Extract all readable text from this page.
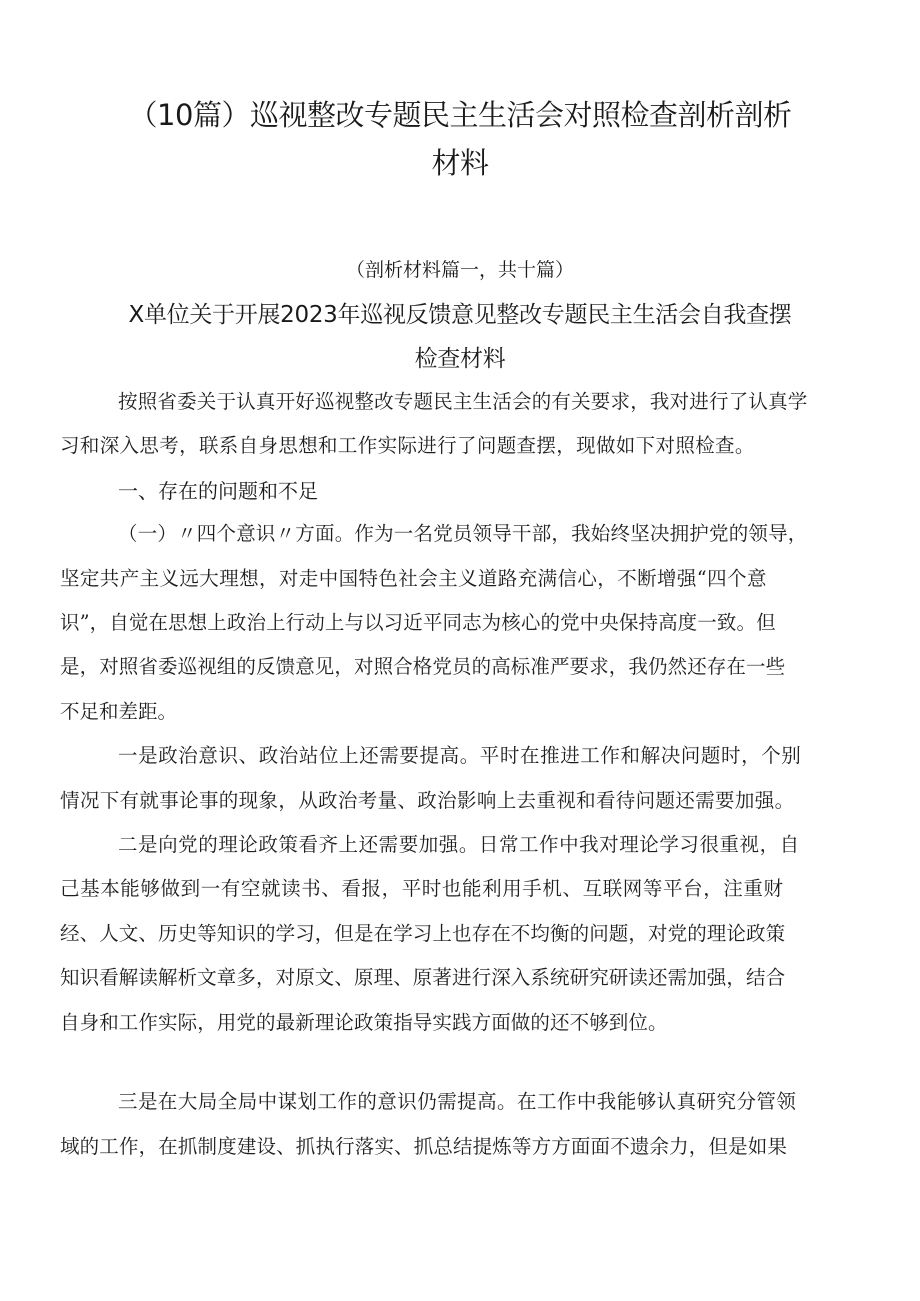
（10篇）巡视整改专题民主生活会对照检查剖析剖析
材料
（剖析材料篇一，共十篇）
X单位关于开展2023年巡视反馈意见整改专题民主生活会自我查摆
检查材料
按照省委关于认真开好巡视整改专题民主生活会的有关要求，我对进行了认真学
习和深入思考，联系自身思想和工作实际进行了问题查摆，现做如下对照检查。
一、存在的问题和不足
（一）〃四个意识〃方面。作为一名党员领导干部，我始终坚决拥护党的领导，
坚定共产主义远大理想，对走中国特色社会主义道路充满信心，不断增强“四个意
识”，自觉在思想上政治上行动上与以习近平同志为核心的党中央保持高度一致。但
是，对照省委巡视组的反馈意见，对照合格党员的高标准严要求，我仍然还存在一些
不足和差距。
一是政治意识、政治站位上还需要提高。平时在推进工作和解决问题时，个别
情况下有就事论事的现象，从政治考量、政治影响上去重视和看待问题还需要加强。
二是向党的理论政策看齐上还需要加强。日常工作中我对理论学习很重视，自
己基本能够做到一有空就读书、看报，平时也能利用手机、互联网等平台，注重财
经、人文、历史等知识的学习，但是在学习上也存在不均衡的问题，对党的理论政策
知识看解读解析文章多，对原文、原理、原著进行深入系统研究研读还需加强，结合
自身和工作实际，用党的最新理论政策指导实践方面做的还不够到位。
三是在大局全局中谋划工作的意识仍需提高。在工作中我能够认真研究分管领
域的工作，在抓制度建设、抓执行落实、抓总结提炼等方方面面不遗余力，但是如果
